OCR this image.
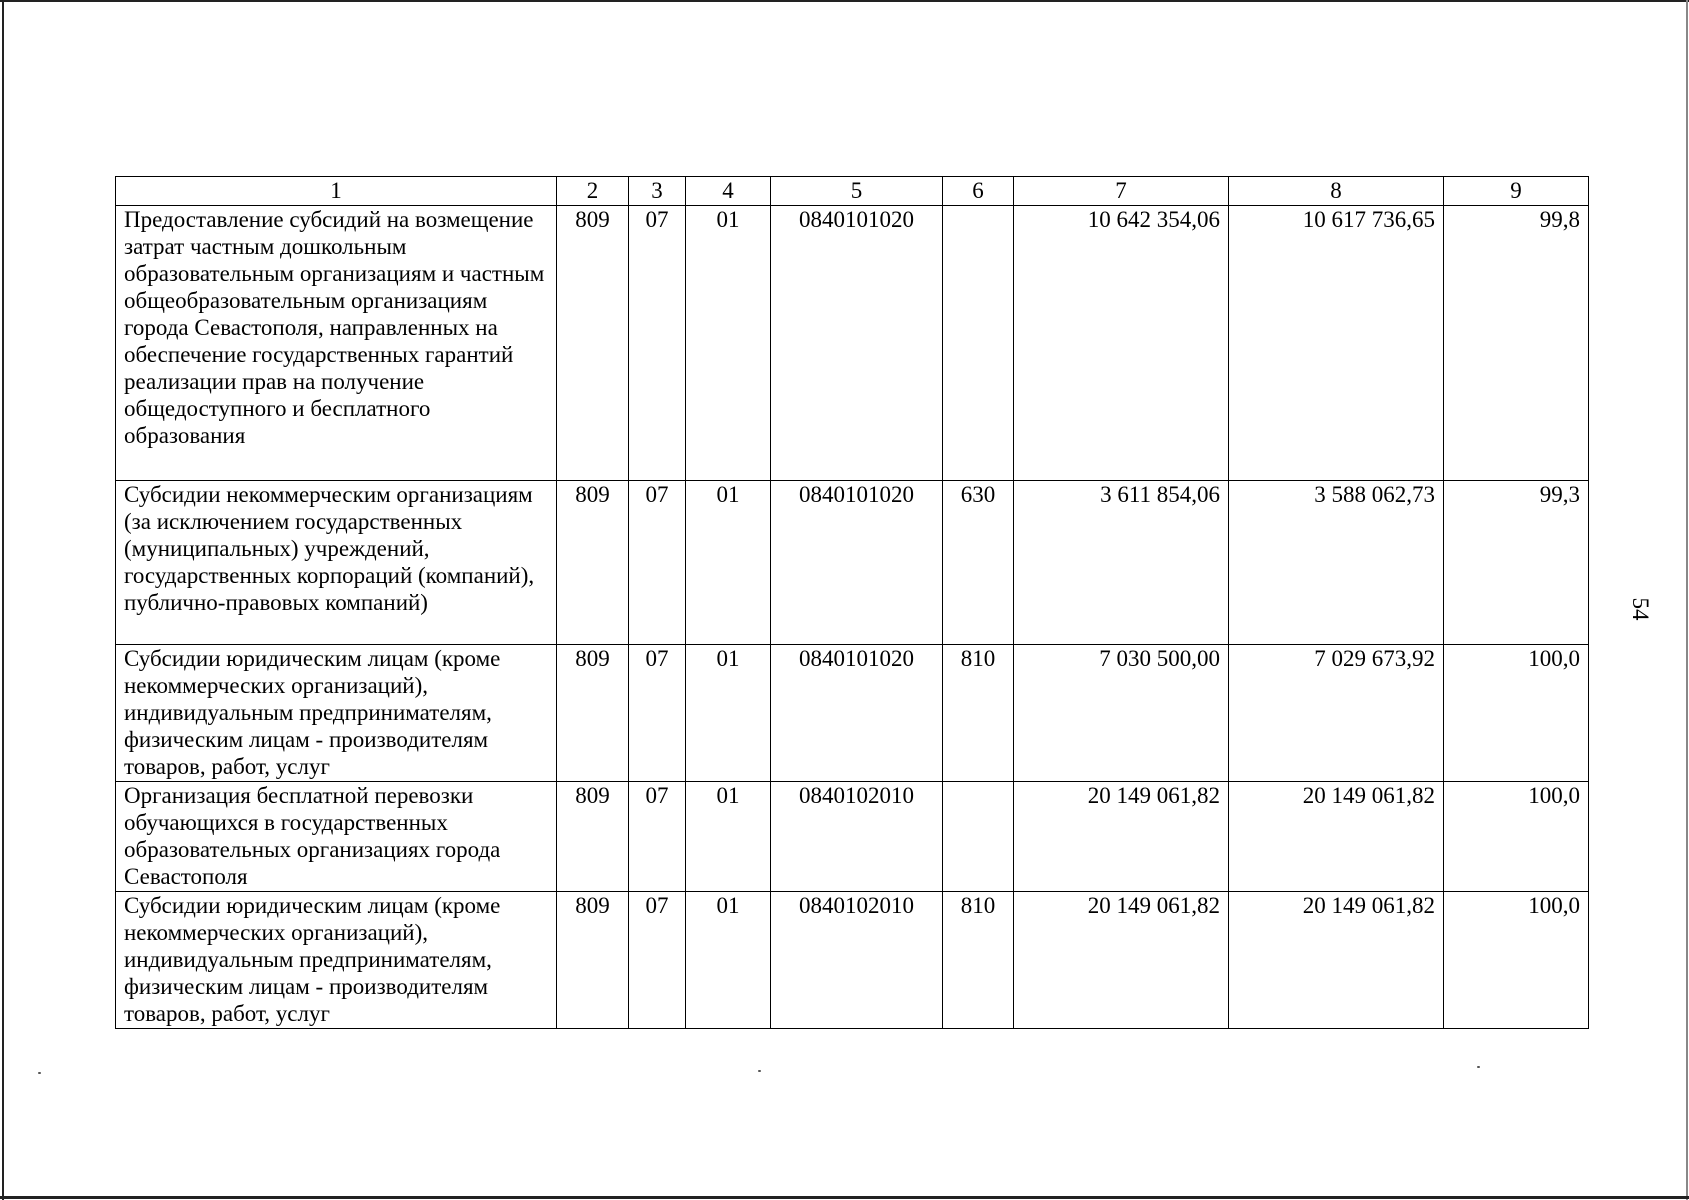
1	2	3	4	5	6	7	8	9
Предоставление субсидий на возмещение затрат частным дошкольным образовательным организациям и частным общеобразовательным организациям города Севастополя, направленных на обеспечение государственных гарантий реализации прав на получение общедоступного и бесплатного образования	809	07	01	0840101020		10 642 354,06	10 617 736,65	99,8
Субсидии некоммерческим организациям (за исключением государственных (муниципальных) учреждений, государственных корпораций (компаний), публично-правовых компаний)	809	07	01	0840101020	630	3 611 854,06	3 588 062,73	99,3
Субсидии юридическим лицам (кроме некоммерческих организаций), индивидуальным предпринимателям, физическим лицам - производителям товаров, работ, услуг	809	07	01	0840101020	810	7 030 500,00	7 029 673,92	100,0
Организация бесплатной перевозки обучающихся в государственных образовательных организациях города Севастополя	809	07	01	0840102010		20 149 061,82	20 149 061,82	100,0
Субсидии юридическим лицам (кроме некоммерческих организаций), индивидуальным предпринимателям, физическим лицам - производителям товаров, работ, услуг	809	07	01	0840102010	810	20 149 061,82	20 149 061,82	100,0
54
